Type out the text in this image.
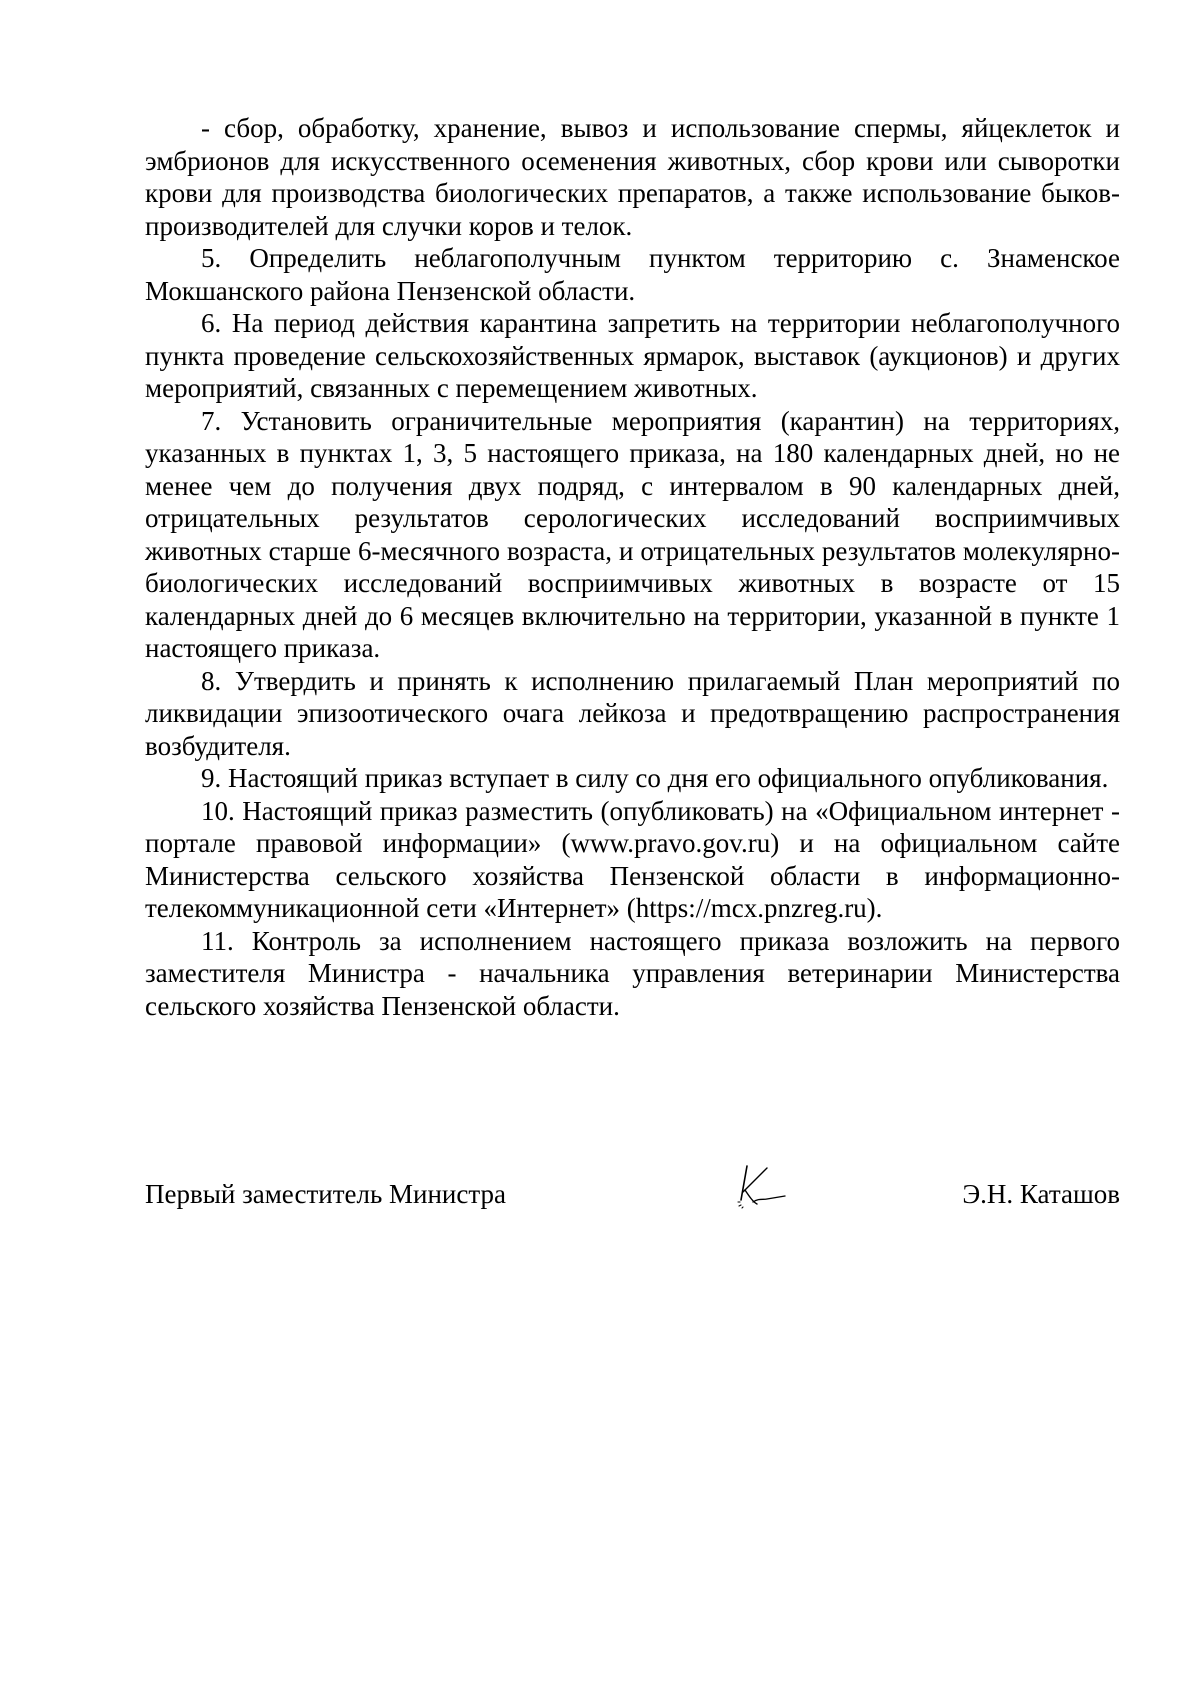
- сбор, обработку, хранение, вывоз и использование спермы, яйцеклеток и эмбрионов для искусственного осеменения животных, сбор крови или сыворотки крови для производства биологических препаратов, а также использование быков-производителей для случки коров и телок.

5. Определить неблагополучным пунктом территорию с. Знаменское Мокшанского района Пензенской области.

6. На период действия карантина запретить на территории неблагополучного пункта проведение сельскохозяйственных ярмарок, выставок (аукционов) и других мероприятий, связанных с перемещением животных.

7. Установить ограничительные мероприятия (карантин) на территориях, указанных в пунктах 1, 3, 5 настоящего приказа, на 180 календарных дней, но не менее чем до получения двух подряд, с интервалом в 90 календарных дней, отрицательных результатов серологических исследований восприимчивых животных старше 6-месячного возраста, и отрицательных результатов молекулярно-биологических исследований восприимчивых животных в возрасте от 15 календарных дней до 6 месяцев включительно на территории, указанной в пункте 1 настоящего приказа.

8. Утвердить и принять к исполнению прилагаемый План мероприятий по ликвидации эпизоотического очага лейкоза и предотвращению распространения возбудителя.

9. Настоящий приказ вступает в силу со дня его официального опубликования.

10. Настоящий приказ разместить (опубликовать) на «Официальном интернет - портале правовой информации» (www.pravo.gov.ru) и на официальном сайте Министерства сельского хозяйства Пензенской области в информационно-телекоммуникационной сети «Интернет» (https://mcx.pnzreg.ru).

11. Контроль за исполнением настоящего приказа возложить на первого заместителя Министра - начальника управления ветеринарии Министерства сельского хозяйства Пензенской области.

Первый заместитель Министра	Э.Н. Каташов
